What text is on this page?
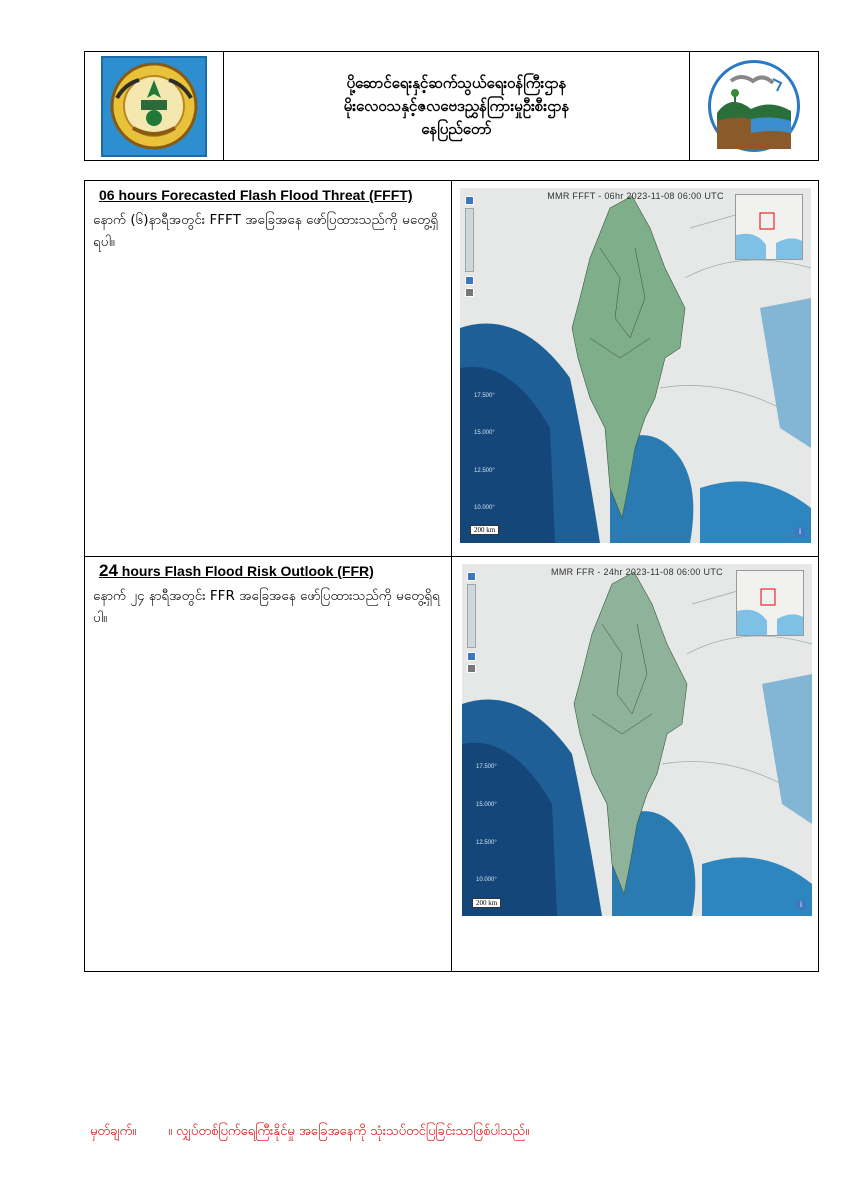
ပို့ဆောင်ရေးနှင့်ဆက်သွယ်ရေးဝန်ကြီးဌာန
မိုးလေဝသနှင့်ဇလဗေဒညွှန်ကြားမှုဦးစီးဌာန
နေပြည်တော်
06 hours Forecasted Flash Flood Threat (FFFT)
နောက် (၆)နာရီအတွင်း FFFT အခြေအနေ ဖော်ပြထားသည်ကို မတွေ့ရှိရပါ။
MMR FFFT - 06hr 2023-11-08 06:00 UTC
17.500°
15.000°
12.500°
10.000°
200 km	i
24 hours Flash Flood Risk Outlook (FFR)
နောက် ၂၄ နာရီအတွင်း FFR အခြေအနေ ဖော်ပြထားသည်ကို မတွေ့ရှိရပါ။
MMR FFR - 24hr 2023-11-08 06:00 UTC
17.500°
15.000°
12.500°
10.000°
200 km	i
မှတ်ချက်။ ။ လျှပ်တစ်ပြက်ရေကြီးနိုင်မှု အခြေအနေကို သုံးသပ်တင်ပြခြင်းသာဖြစ်ပါသည်။
